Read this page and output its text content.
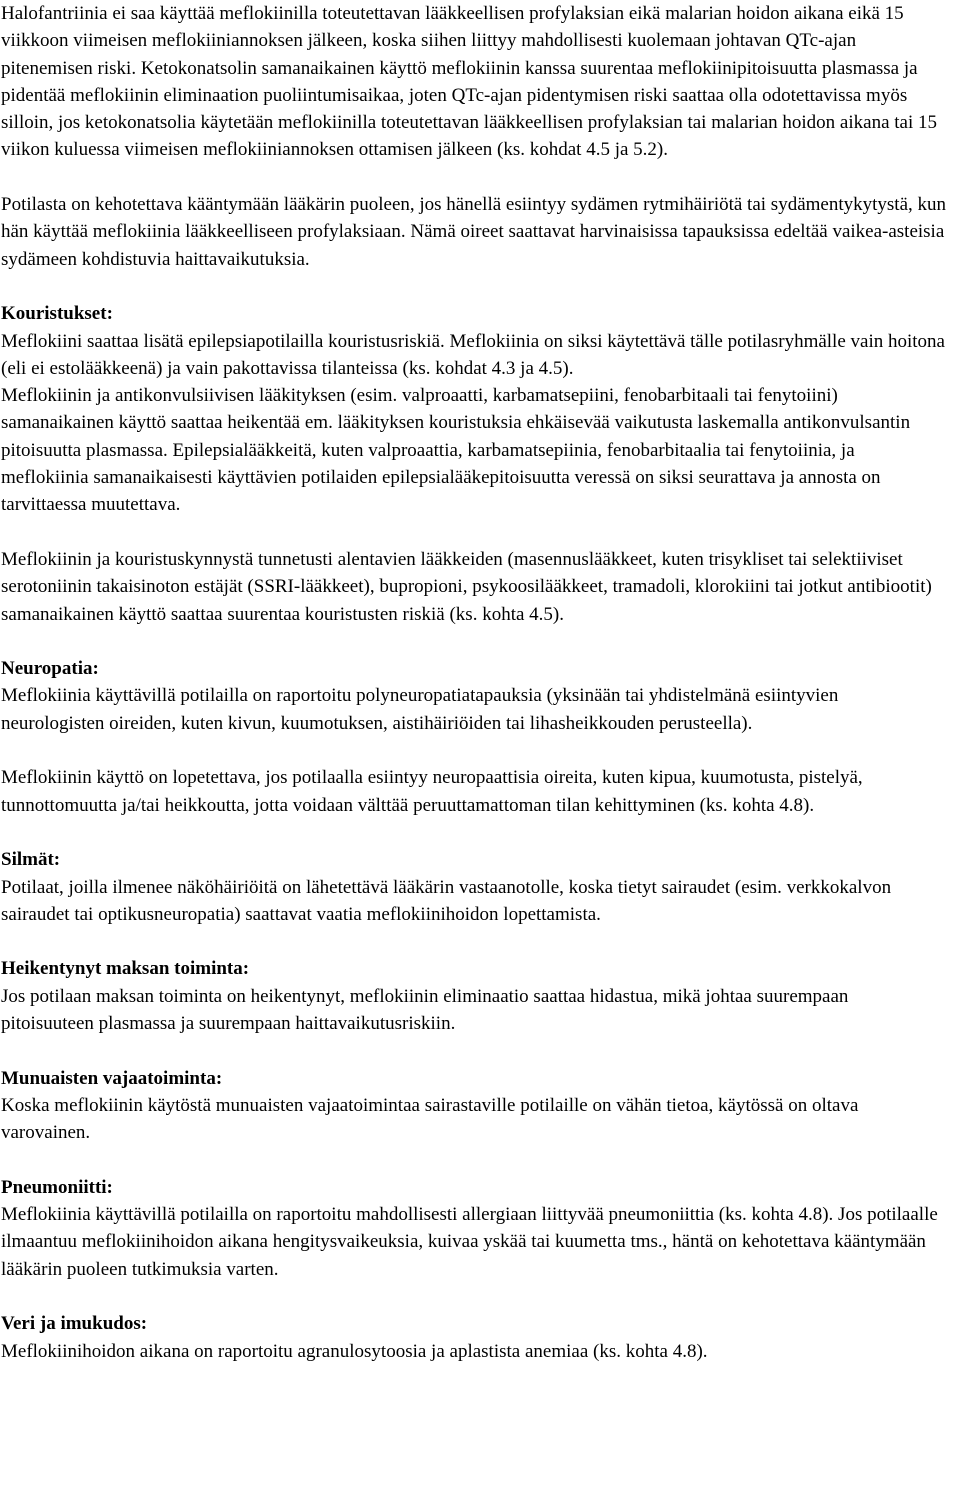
Halofantriinia ei saa käyttää meflokiinilla toteutettavan lääkkeellisen profylaksian eikä malarian hoidon aikana eikä 15 viikkoon viimeisen meflokiiniannoksen jälkeen, koska siihen liittyy mahdollisesti kuolemaan johtavan QTc-ajan pitenemisen riski. Ketokonatsolin samanaikainen käyttö meflokiinin kanssa suurentaa meflokiinipitoisuutta plasmassa ja pidentää meflokiinin eliminaation puoliintumisaikaa, joten QTc-ajan pidentymisen riski saattaa olla odotettavissa myös silloin, jos ketokonatsolia käytetään meflokiinilla toteutettavan lääkkeellisen profylaksian tai malarian hoidon aikana tai 15 viikon kuluessa viimeisen meflokiiniannoksen ottamisen jälkeen (ks. kohdat 4.5 ja 5.2).

Potilasta on kehotettava kääntymään lääkärin puoleen, jos hänellä esiintyy sydämen rytmihäiriötä tai sydämentykytystä, kun hän käyttää meflokiinia lääkkeelliseen profylaksiaan. Nämä oireet saattavat harvinaisissa tapauksissa edeltää vaikea-asteisia sydämeen kohdistuvia haittavaikutuksia.

Kouristukset:

Meflokiini saattaa lisätä epilepsiapotilailla kouristusriskiä. Meflokiinia on siksi käytettävä tälle potilasryhmälle vain hoitona (eli ei estolääkkeenä) ja vain pakottavissa tilanteissa (ks. kohdat 4.3 ja 4.5).

Meflokiinin ja antikonvulsiivisen lääkityksen (esim. valproaatti, karbamatsepiini, fenobarbitaali tai fenytoiini) samanaikainen käyttö saattaa heikentää em. lääkityksen kouristuksia ehkäisevää vaikutusta laskemalla antikonvulsantin pitoisuutta plasmassa. Epilepsialääkkeitä, kuten valproaattia, karbamatsepiinia, fenobarbitaalia tai fenytoiinia, ja meflokiinia samanaikaisesti käyttävien potilaiden epilepsialääkepitoisuutta veressä on siksi seurattava ja annosta on tarvittaessa muutettava.

Meflokiinin ja kouristuskynnystä tunnetusti alentavien lääkkeiden (masennuslääkkeet, kuten trisykliset tai selektiiviset serotoniinin takaisinoton estäjät (SSRI-lääkkeet), bupropioni, psykoosilääkkeet, tramadoli, klorokiini tai jotkut antibiootit) samanaikainen käyttö saattaa suurentaa kouristusten riskiä (ks. kohta 4.5).

Neuropatia:

Meflokiinia käyttävillä potilailla on raportoitu polyneuropatiatapauksia (yksinään tai yhdistelmänä esiintyvien neurologisten oireiden, kuten kivun, kuumotuksen, aistihäiriöiden tai lihasheikkouden perusteella).

Meflokiinin käyttö on lopetettava, jos potilaalla esiintyy neuropaattisia oireita, kuten kipua, kuumotusta, pistelyä, tunnottomuutta ja/tai heikkoutta, jotta voidaan välttää peruuttamattoman tilan kehittyminen (ks. kohta 4.8).

Silmät:

Potilaat, joilla ilmenee näköhäiriöitä on lähetettävä lääkärin vastaanotolle, koska tietyt sairaudet (esim. verkkokalvon sairaudet tai optikusneuropatia) saattavat vaatia meflokiinihoidon lopettamista.

Heikentynyt maksan toiminta:

Jos potilaan maksan toiminta on heikentynyt, meflokiinin eliminaatio saattaa hidastua, mikä johtaa suurempaan pitoisuuteen plasmassa ja suurempaan haittavaikutusriskiin.

Munuaisten vajaatoiminta:

Koska meflokiinin käytöstä munuaisten vajaatoimintaa sairastaville potilaille on vähän tietoa, käytössä on oltava varovainen.

Pneumoniitti:

Meflokiinia käyttävillä potilailla on raportoitu mahdollisesti allergiaan liittyvää pneumoniittia (ks. kohta 4.8). Jos potilaalle ilmaantuu meflokiinihoidon aikana hengitysvaikeuksia, kuivaa yskää tai kuumetta tms., häntä on kehotettava kääntymään lääkärin puoleen tutkimuksia varten.

Veri ja imukudos:

Meflokiinihoidon aikana on raportoitu agranulosytoosia ja aplastista anemiaa (ks. kohta 4.8).
